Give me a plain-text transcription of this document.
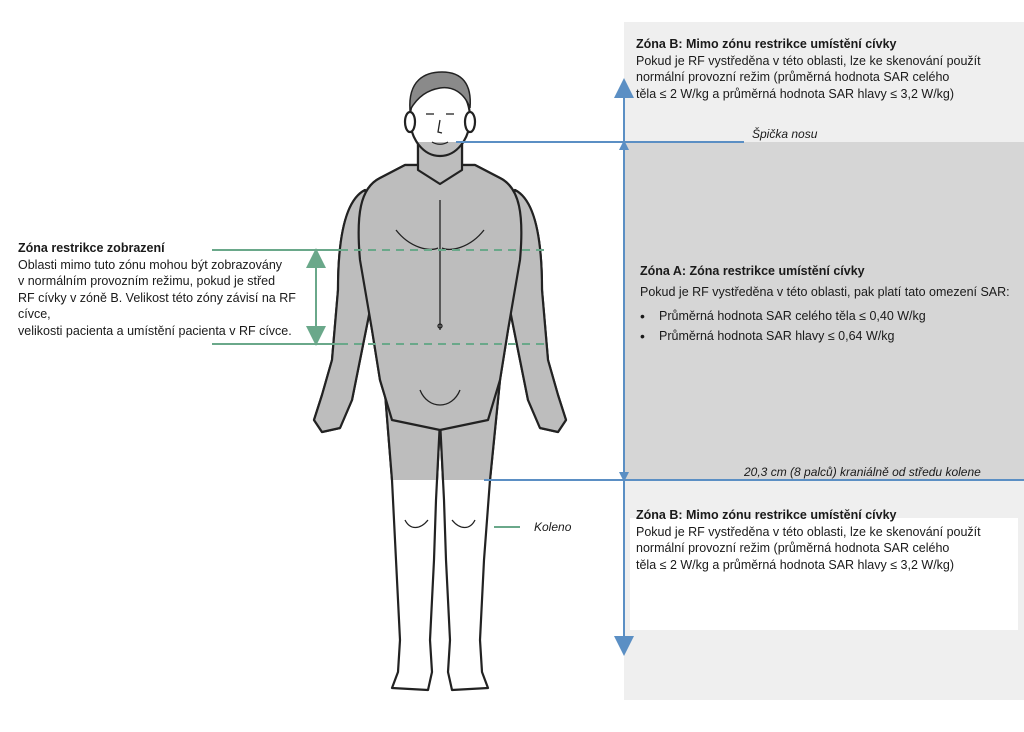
Zóna B: Mimo zónu restrikce umístění cívky
Pokud je RF vystředěna v této oblasti, lze ke skenování použít
normální provozní režim (průměrná hodnota SAR celého
těla ≤ 2 W/kg a průměrná hodnota SAR hlavy ≤ 3,2 W/kg)
Špička nosu
Zóna A: Zóna restrikce umístění cívky
Pokud je RF vystředěna v této oblasti, pak platí tato omezení SAR:
• Průměrná hodnota SAR celého těla ≤ 0,40 W/kg
• Průměrná hodnota SAR hlavy ≤ 0,64 W/kg
20,3 cm (8 palců) kraniálně od středu kolene
Koleno
Zóna restrikce zobrazení
Oblasti mimo tuto zónu mohou být zobrazovány
v normálním provozním režimu, pokud je střed
RF cívky v zóně B. Velikost této zóny závisí na RF cívce,
velikosti pacienta a umístění pacienta v RF cívce.
Zóna B: Mimo zónu restrikce umístění cívky
Pokud je RF vystředěna v této oblasti, lze ke skenování použít
normální provozní režim (průměrná hodnota SAR celého
těla ≤ 2 W/kg a průměrná hodnota SAR hlavy ≤ 3,2 W/kg)
